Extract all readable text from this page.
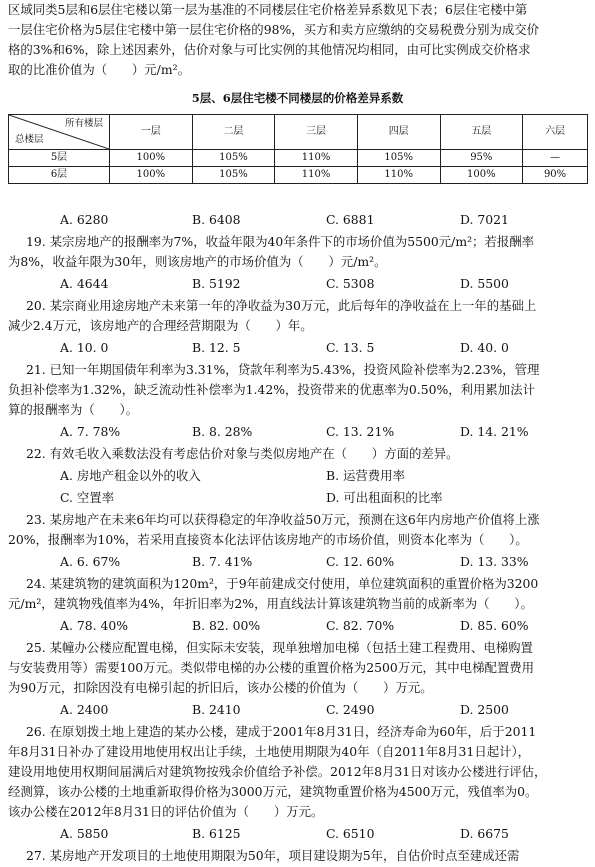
区域同类5层和6层住宅楼以第一层为基准的不同楼层住宅价格差异系数见下表；6层住宅楼中第
一层住宅价格为5层住宅楼中第一层住宅价格的98%，买方和卖方应缴纳的交易税费分别为成交价
格的3%和6%，除上述因素外，估价对象与可比实例的其他情况均相同，由可比实例成交价格求
取的比准价值为（　　）元/m²。
5层、6层住宅楼不同楼层的价格差异系数
所有楼层
总楼层	一层	二层	三层	四层	五层	六层
5层	100%	105%	110%	105%	95%	—
6层	100%	105%	110%	110%	100%	90%
A. 6280	B. 6408	C. 6881	D. 7021
19. 某宗房地产的报酬率为7%，收益年限为40年条件下的市场价值为5500元/m²；若报酬率
为8%，收益年限为30年，则该房地产的市场价值为（　　）元/m²。
A. 4644	B. 5192	C. 5308	D. 5500
20. 某宗商业用途房地产未来第一年的净收益为30万元，此后每年的净收益在上一年的基础上
减少2.4万元，该房地产的合理经营期限为（　　）年。
A. 10. 0	B. 12. 5	C. 13. 5	D. 40. 0
21. 已知一年期国债年利率为3.31%，贷款年利率为5.43%，投资风险补偿率为2.23%，管理
负担补偿率为1.32%，缺乏流动性补偿率为1.42%，投资带来的优惠率为0.50%，利用累加法计
算的报酬率为（　　）。
A. 7. 78%	B. 8. 28%	C. 13. 21%	D. 14. 21%
22. 有效毛收入乘数法没有考虑估价对象与类似房地产在（　　）方面的差异。
A. 房地产租金以外的收入	B. 运营费用率
C. 空置率	D. 可出租面积的比率
23. 某房地产在未来6年均可以获得稳定的年净收益50万元，预测在这6年内房地产价值将上涨
20%，报酬率为10%，若采用直接资本化法评估该房地产的市场价值，则资本化率为（　　）。
A. 6. 67%	B. 7. 41%	C. 12. 60%	D. 13. 33%
24. 某建筑物的建筑面积为120m²，于9年前建成交付使用，单位建筑面积的重置价格为3200
元/m²，建筑物残值率为4%，年折旧率为2%，用直线法计算该建筑物当前的成新率为（　　）。
A. 78. 40%	B. 82. 00%	C. 82. 70%	D. 85. 60%
25. 某幢办公楼应配置电梯，但实际未安装，现单独增加电梯（包括土建工程费用、电梯购置
与安装费用等）需要100万元。类似带电梯的办公楼的重置价格为2500万元，其中电梯配置费用
为90万元，扣除因没有电梯引起的折旧后，该办公楼的价值为（　　）万元。
A. 2400	B. 2410	C. 2490	D. 2500
26. 在原划拨土地上建造的某办公楼，建成于2001年8月31日，经济寿命为60年，后于2011
年8月31日补办了建设用地使用权出让手续，土地使用期限为40年（自2011年8月31日起计），
建设用地使用权期间届满后对建筑物按残余价值给予补偿。2012年8月31日对该办公楼进行评估，
经测算，该办公楼的土地重新取得价格为3000万元，建筑物重置价格为4500万元，残值率为0。
该办公楼在2012年8月31日的评估价值为（　　）万元。
A. 5850	B. 6125	C. 6510	D. 6675
27. 某房地产开发项目的土地使用期限为50年，项目建设期为5年，自估价时点至建成还需
